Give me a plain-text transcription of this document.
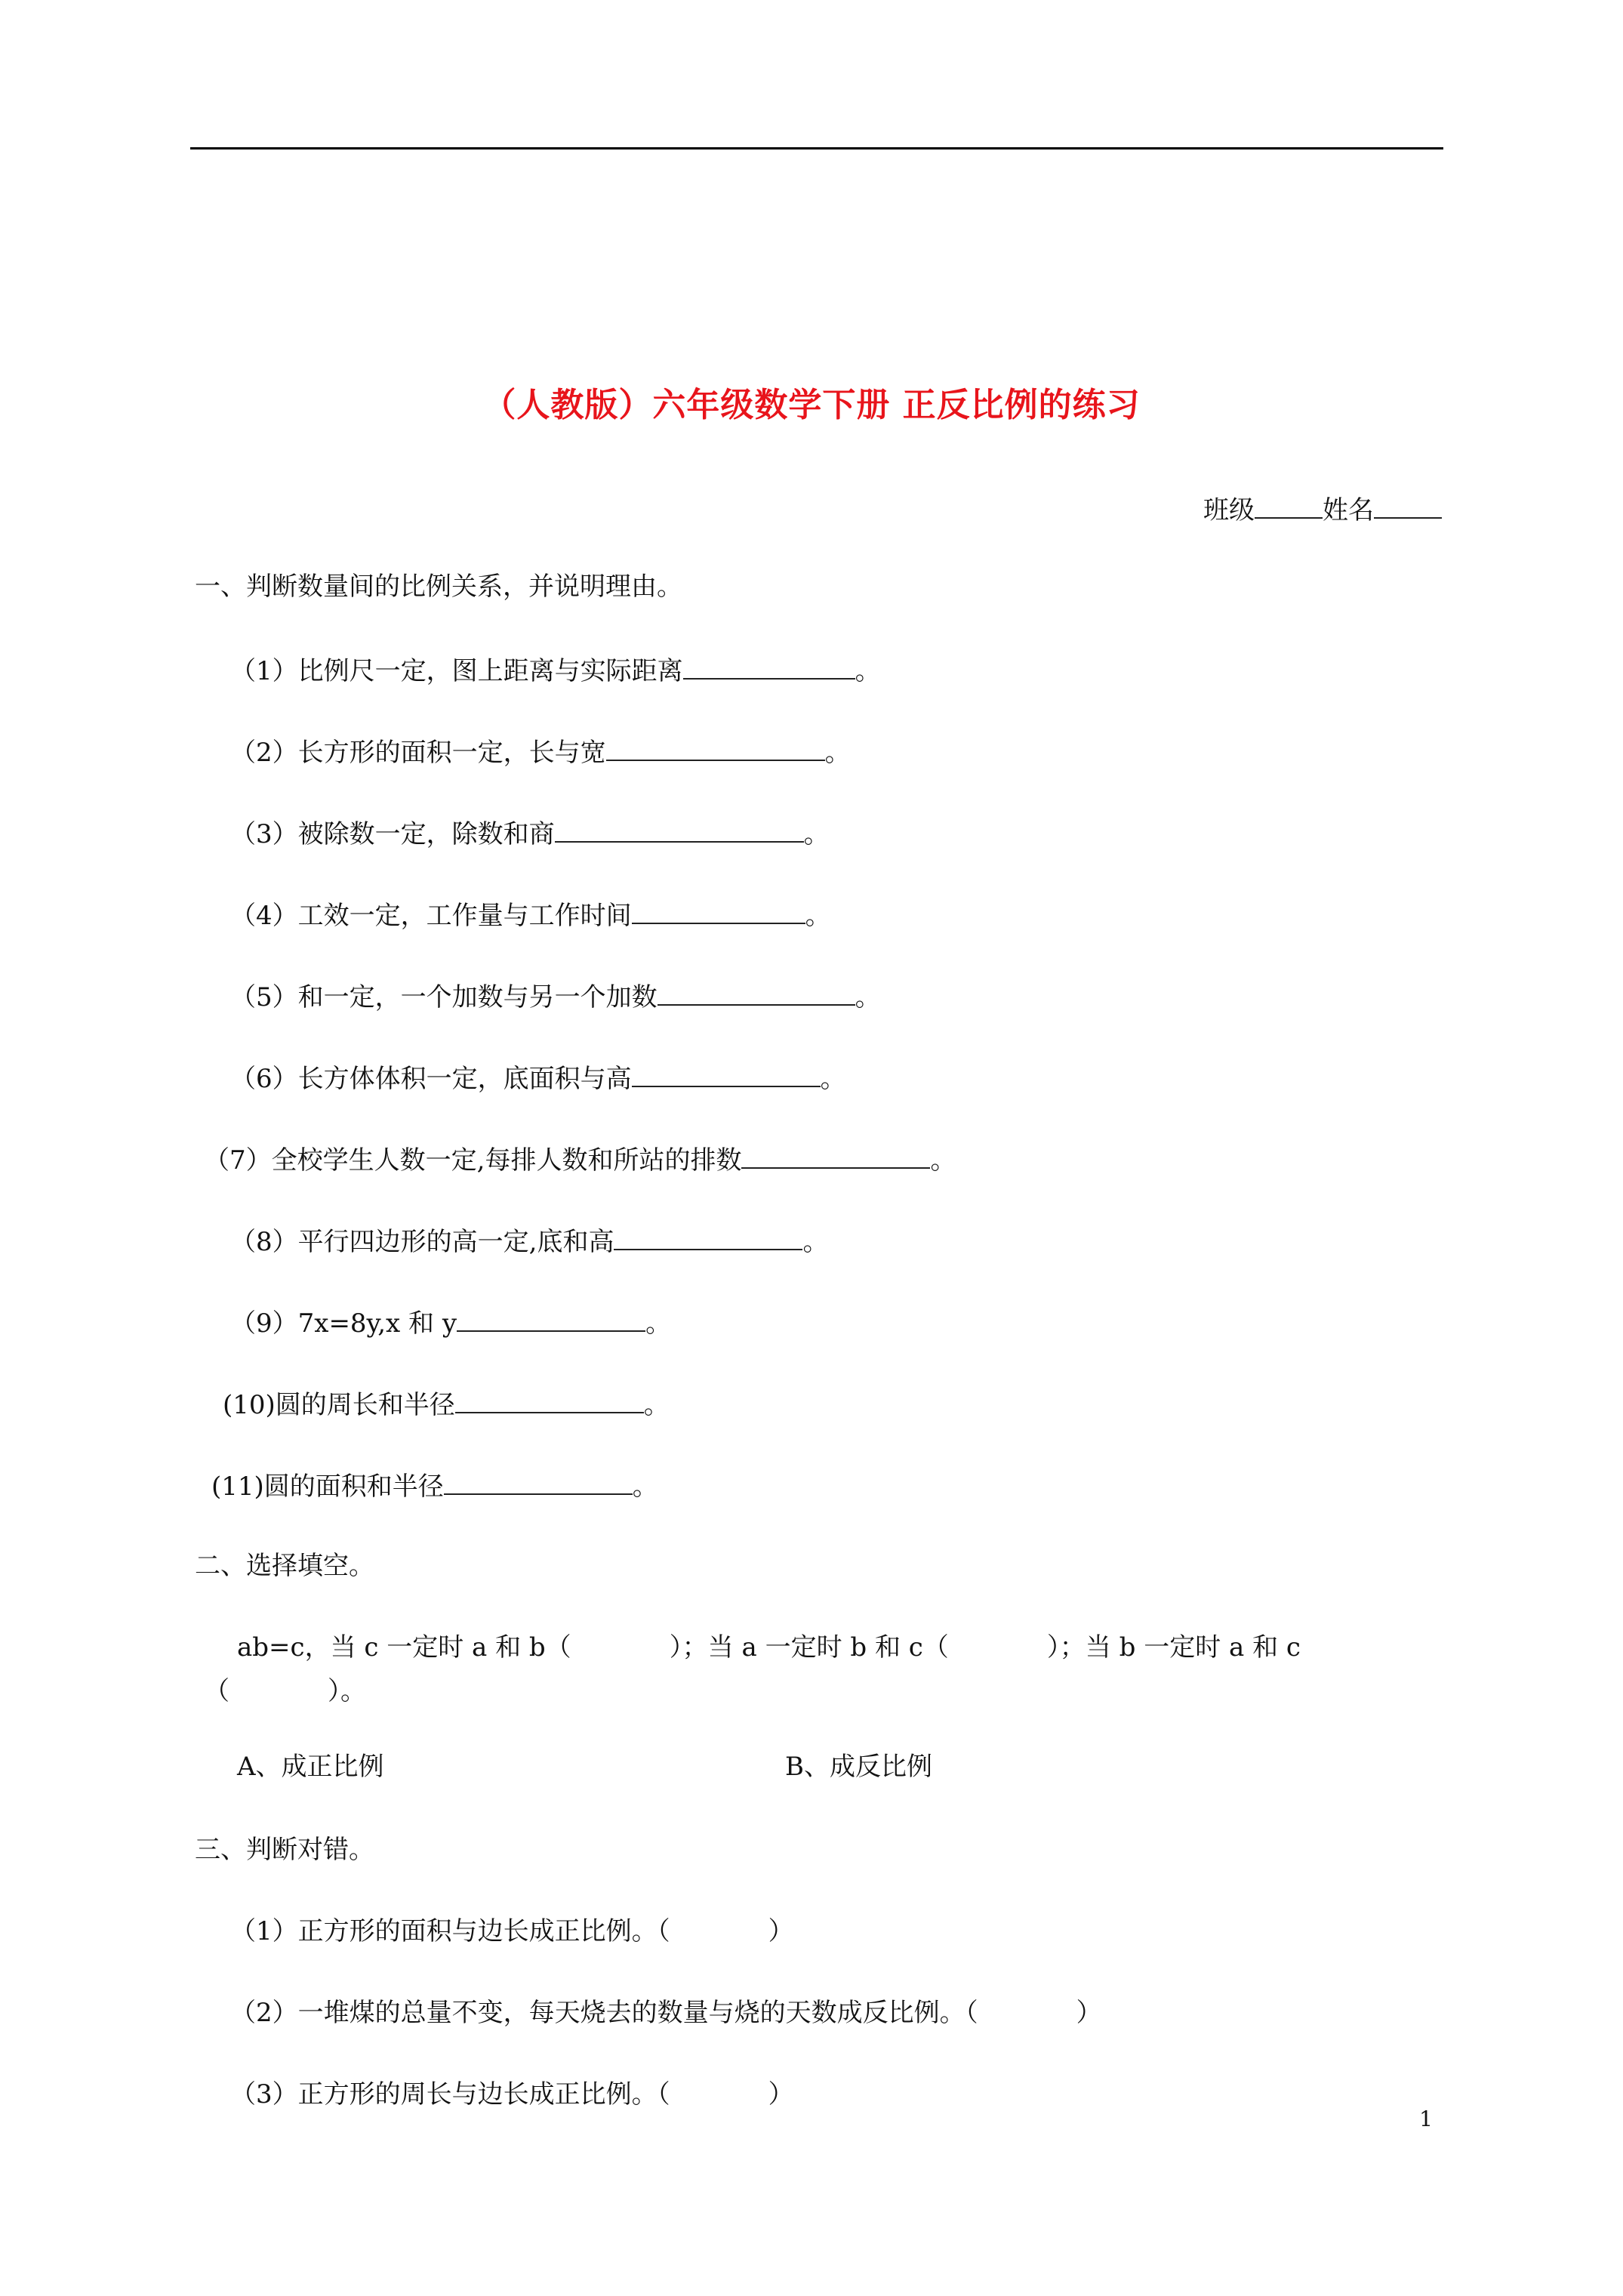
（人教版）六年级数学下册 正反比例的练习
班级	姓名
一、判断数量间的比例关系，并说明理由。
（1）比例尺一定，图上距离与实际距离	。
（2）长方形的面积一定，长与宽	。
（3）被除数一定，除数和商	。
（4）工效一定，工作量与工作时间	。
（5）和一定，一个加数与另一个加数	。
（6）长方体体积一定，底面积与高	。
（7）全校学生人数一定,每排人数和所站的排数	。
（8）平行四边形的高一定,底和高	。
（9）7x=8y,x 和 y	。
(10)圆的周长和半径	。
(11)圆的面积和半径	。
二、选择填空。
ab=c，当 c 一定时 a 和 b（	）；当 a 一定时 b 和 c（	）；当 b 一定时 a 和 c
（	）。
A、成正比例	B、成反比例
三、判断对错。
（1）正方形的面积与边长成正比例。（	）
（2）一堆煤的总量不变，每天烧去的数量与烧的天数成反比例。（	）
（3）正方形的周长与边长成正比例。（	）
1
